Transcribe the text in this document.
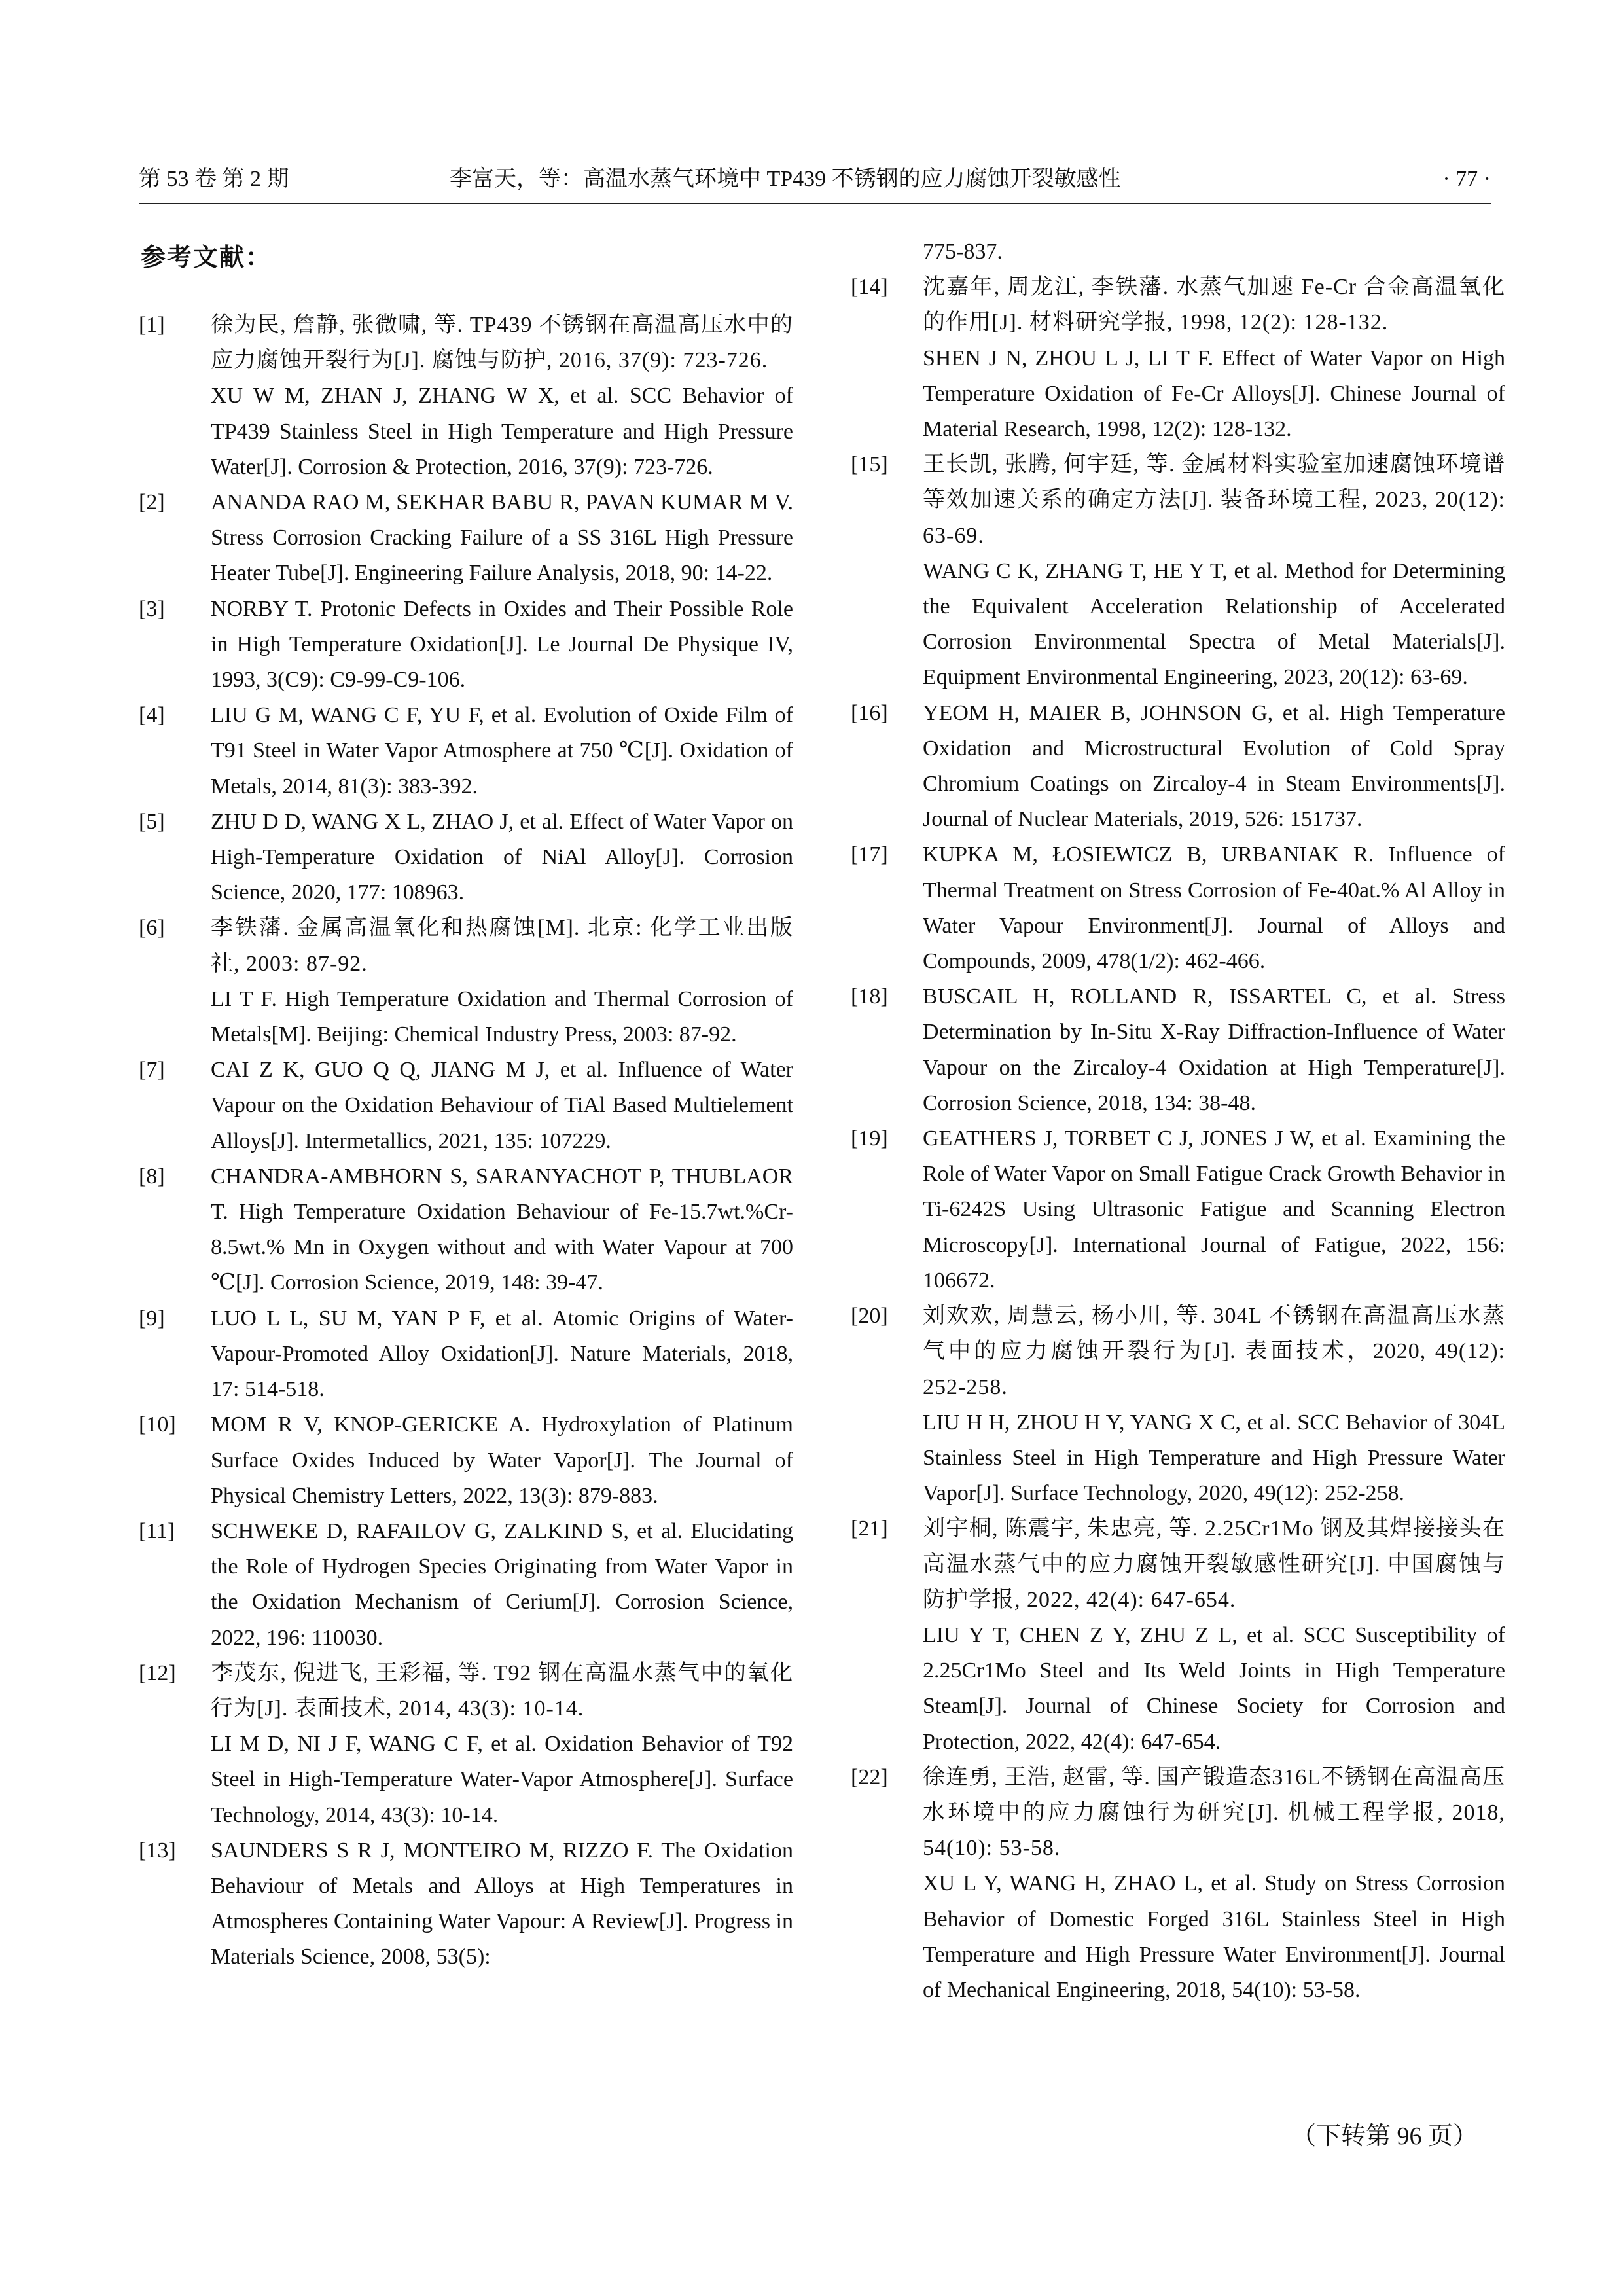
第 53 卷 第 2 期	李富天，等：高温水蒸气环境中 TP439 不锈钢的应力腐蚀开裂敏感性	· 77 ·
参考文献：
[1] 徐为民, 詹静, 张微啸, 等. TP439 不锈钢在高温高压水中的应力腐蚀开裂行为[J]. 腐蚀与防护, 2016, 37(9): 723-726.
XU W M, ZHAN J, ZHANG W X, et al. SCC Behavior of TP439 Stainless Steel in High Temperature and High Pressure Water[J]. Corrosion & Protection, 2016, 37(9): 723-726.
[2] ANANDA RAO M, SEKHAR BABU R, PAVAN KUMAR M V. Stress Corrosion Cracking Failure of a SS 316L High Pressure Heater Tube[J]. Engineering Failure Analysis, 2018, 90: 14-22.
[3] NORBY T. Protonic Defects in Oxides and Their Possible Role in High Temperature Oxidation[J]. Le Journal De Physique IV, 1993, 3(C9): C9-99-C9-106.
[4] LIU G M, WANG C F, YU F, et al. Evolution of Oxide Film of T91 Steel in Water Vapor Atmosphere at 750 ℃[J]. Oxidation of Metals, 2014, 81(3): 383-392.
[5] ZHU D D, WANG X L, ZHAO J, et al. Effect of Water Vapor on High-Temperature Oxidation of NiAl Alloy[J]. Corrosion Science, 2020, 177: 108963.
[6] 李铁藩. 金属高温氧化和热腐蚀[M]. 北京: 化学工业出版社, 2003: 87-92.
LI T F. High Temperature Oxidation and Thermal Corrosion of Metals[M]. Beijing: Chemical Industry Press, 2003: 87-92.
[7] CAI Z K, GUO Q Q, JIANG M J, et al. Influence of Water Vapour on the Oxidation Behaviour of TiAl Based Multielement Alloys[J]. Intermetallics, 2021, 135: 107229.
[8] CHANDRA-AMBHORN S, SARANYACHOT P, THUBLAOR T. High Temperature Oxidation Behaviour of Fe-15.7wt.%Cr-8.5wt.% Mn in Oxygen without and with Water Vapour at 700 ℃[J]. Corrosion Science, 2019, 148: 39-47.
[9] LUO L L, SU M, YAN P F, et al. Atomic Origins of Water-Vapour-Promoted Alloy Oxidation[J]. Nature Materials, 2018, 17: 514-518.
[10] MOM R V, KNOP-GERICKE A. Hydroxylation of Platinum Surface Oxides Induced by Water Vapor[J]. The Journal of Physical Chemistry Letters, 2022, 13(3): 879-883.
[11] SCHWEKE D, RAFAILOV G, ZALKIND S, et al. Elucidating the Role of Hydrogen Species Originating from Water Vapor in the Oxidation Mechanism of Cerium[J]. Corrosion Science, 2022, 196: 110030.
[12] 李茂东, 倪进飞, 王彩福, 等. T92 钢在高温水蒸气中的氧化行为[J]. 表面技术, 2014, 43(3): 10-14.
LI M D, NI J F, WANG C F, et al. Oxidation Behavior of T92 Steel in High-Temperature Water-Vapor Atmosphere[J]. Surface Technology, 2014, 43(3): 10-14.
[13] SAUNDERS S R J, MONTEIRO M, RIZZO F. The Oxidation Behaviour of Metals and Alloys at High Temperatures in Atmospheres Containing Water Vapour: A Review[J]. Progress in Materials Science, 2008, 53(5):
775-837.
[14] 沈嘉年, 周龙江, 李铁藩. 水蒸气加速 Fe-Cr 合金高温氧化的作用[J]. 材料研究学报, 1998, 12(2): 128-132.
SHEN J N, ZHOU L J, LI T F. Effect of Water Vapor on High Temperature Oxidation of Fe-Cr Alloys[J]. Chinese Journal of Material Research, 1998, 12(2): 128-132.
[15] 王长凯, 张腾, 何宇廷, 等. 金属材料实验室加速腐蚀环境谱等效加速关系的确定方法[J]. 装备环境工程, 2023, 20(12): 63-69.
WANG C K, ZHANG T, HE Y T, et al. Method for Determining the Equivalent Acceleration Relationship of Accelerated Corrosion Environmental Spectra of Metal Materials[J]. Equipment Environmental Engineering, 2023, 20(12): 63-69.
[16] YEOM H, MAIER B, JOHNSON G, et al. High Temperature Oxidation and Microstructural Evolution of Cold Spray Chromium Coatings on Zircaloy-4 in Steam Environments[J]. Journal of Nuclear Materials, 2019, 526: 151737.
[17] KUPKA M, ŁOSIEWICZ B, URBANIAK R. Influence of Thermal Treatment on Stress Corrosion of Fe-40at.% Al Alloy in Water Vapour Environment[J]. Journal of Alloys and Compounds, 2009, 478(1/2): 462-466.
[18] BUSCAIL H, ROLLAND R, ISSARTEL C, et al. Stress Determination by In-Situ X-Ray Diffraction-Influence of Water Vapour on the Zircaloy-4 Oxidation at High Temperature[J]. Corrosion Science, 2018, 134: 38-48.
[19] GEATHERS J, TORBET C J, JONES J W, et al. Examining the Role of Water Vapor on Small Fatigue Crack Growth Behavior in Ti-6242S Using Ultrasonic Fatigue and Scanning Electron Microscopy[J]. International Journal of Fatigue, 2022, 156: 106672.
[20] 刘欢欢, 周慧云, 杨小川, 等. 304L 不锈钢在高温高压水蒸气中的应力腐蚀开裂行为[J]. 表面技术，2020, 49(12): 252-258.
LIU H H, ZHOU H Y, YANG X C, et al. SCC Behavior of 304L Stainless Steel in High Temperature and High Pressure Water Vapor[J]. Surface Technology, 2020, 49(12): 252-258.
[21] 刘宇桐, 陈震宇, 朱忠亮, 等. 2.25Cr1Mo 钢及其焊接接头在高温水蒸气中的应力腐蚀开裂敏感性研究[J]. 中国腐蚀与防护学报, 2022, 42(4): 647-654.
LIU Y T, CHEN Z Y, ZHU Z L, et al. SCC Susceptibility of 2.25Cr1Mo Steel and Its Weld Joints in High Temperature Steam[J]. Journal of Chinese Society for Corrosion and Protection, 2022, 42(4): 647-654.
[22] 徐连勇, 王浩, 赵雷, 等. 国产锻造态316L不锈钢在高温高压水环境中的应力腐蚀行为研究[J]. 机械工程学报, 2018, 54(10): 53-58.
XU L Y, WANG H, ZHAO L, et al. Study on Stress Corrosion Behavior of Domestic Forged 316L Stainless Steel in High Temperature and High Pressure Water Environment[J]. Journal of Mechanical Engineering, 2018, 54(10): 53-58.
（下转第 96 页）
